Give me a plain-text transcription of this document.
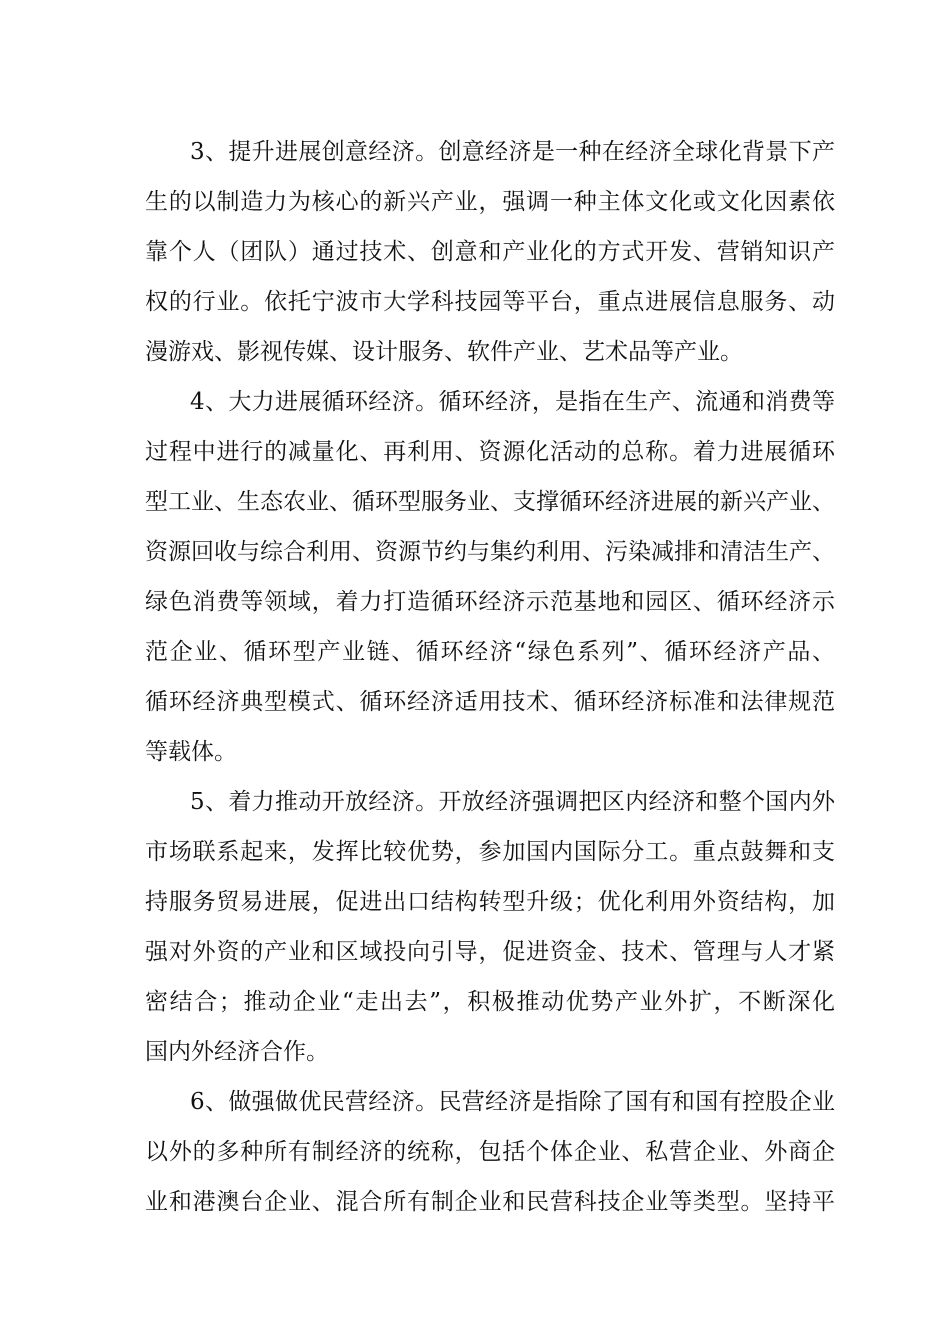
3、提升进展创意经济。创意经济是一种在经济全球化背景下产

生的以制造力为核心的新兴产业，强调一种主体文化或文化因素依

靠个人（团队）通过技术、创意和产业化的方式开发、营销知识产

权的行业。依托宁波市大学科技园等平台，重点进展信息服务、动

漫游戏、影视传媒、设计服务、软件产业、艺术品等产业。

4、大力进展循环经济。循环经济，是指在生产、流通和消费等

过程中进行的减量化、再利用、资源化活动的总称。着力进展循环

型工业、生态农业、循环型服务业、支撑循环经济进展的新兴产业、

资源回收与综合利用、资源节约与集约利用、污染减排和清洁生产、

绿色消费等领域，着力打造循环经济示范基地和园区、循环经济示

范企业、循环型产业链、循环经济“绿色系列”、循环经济产品、

循环经济典型模式、循环经济适用技术、循环经济标准和法律规范

等载体。

5、着力推动开放经济。开放经济强调把区内经济和整个国内外

市场联系起来，发挥比较优势，参加国内国际分工。重点鼓舞和支

持服务贸易进展，促进出口结构转型升级；优化利用外资结构，加

强对外资的产业和区域投向引导，促进资金、技术、管理与人才紧

密结合；推动企业“走出去”，积极推动优势产业外扩，不断深化

国内外经济合作。

6、做强做优民营经济。民营经济是指除了国有和国有控股企业

以外的多种所有制经济的统称，包括个体企业、私营企业、外商企

业和港澳台企业、混合所有制企业和民营科技企业等类型。坚持平
